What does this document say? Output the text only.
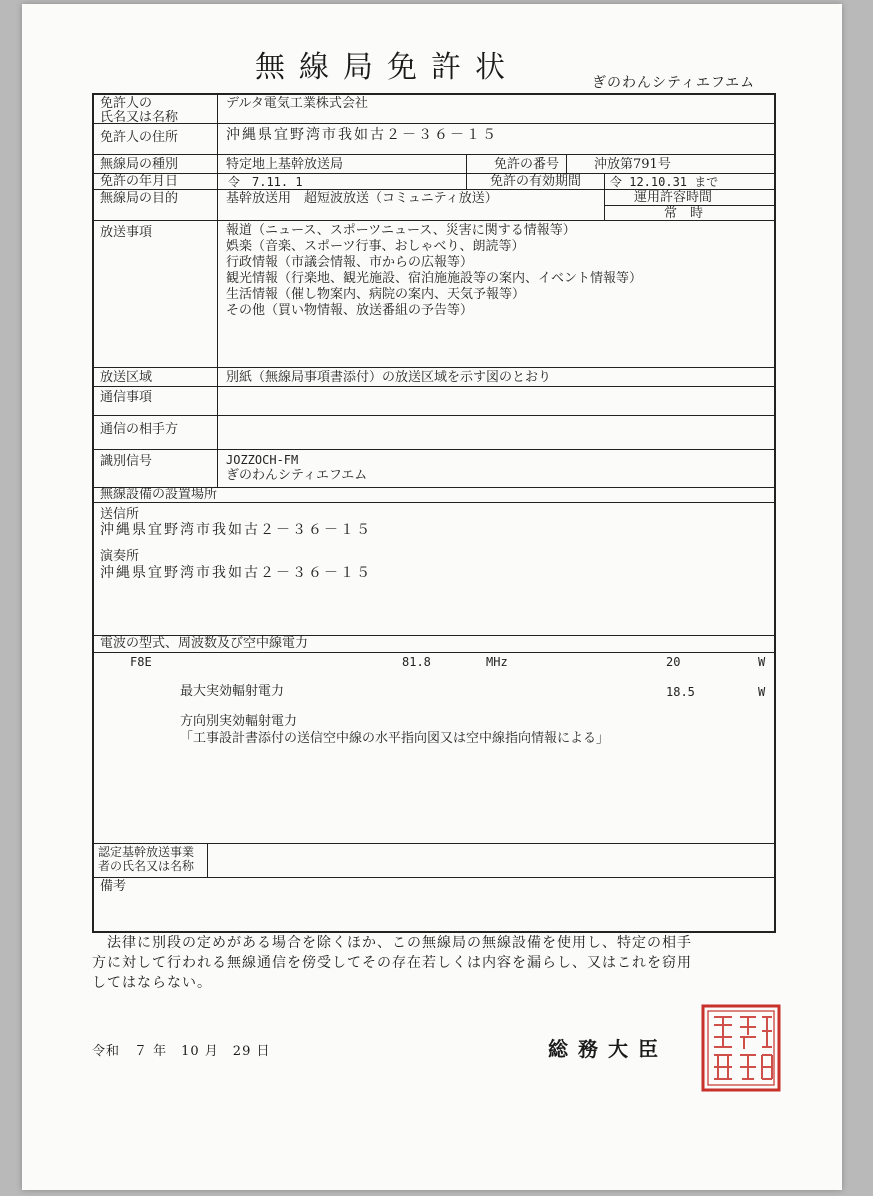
無線局免許状	ぎのわんシティエフエム
免許人の
氏名又は名称
デルタ電気工業株式会社
免許人の住所	沖縄県宜野湾市我如古２－３６－１５
無線局の種別	特定地上基幹放送局	免許の番号	沖放第791号
免許の年月日	令　7.11. 1	免許の有効期間 令 12.10.31 まで
無線局の目的	基幹放送用　超短波放送（コミュニティ放送）	運用許容時間
常　時
放送事項	報道（ニュース、スポーツニュース、災害に関する情報等）
娯楽（音楽、スポーツ行事、おしゃべり、朗読等）
行政情報（市議会情報、市からの広報等）
観光情報（行楽地、観光施設、宿泊施施設等の案内、イベント情報等）
生活情報（催し物案内、病院の案内、天気予報等）
その他（買い物情報、放送番組の予告等）
放送区域	別紙（無線局事項書添付）の放送区域を示す図のとおり
通信事項
通信の相手方
識別信号	JOZZOCH-FM
ぎのわんシティエフエム
無線設備の設置場所
送信所
沖縄県宜野湾市我如古２－３６－１５
演奏所
沖縄県宜野湾市我如古２－３６－１５
電波の型式、周波数及び空中線電力
F8E	81.8	MHz	20	W
最大実効輻射電力	18.5	W
方向別実効輻射電力
「工事設計書添付の送信空中線の水平指向図又は空中線指向情報による」
認定基幹放送事業
者の氏名又は名称
備考
　法律に別段の定めがある場合を除くほか、この無線局の無線設備を使用し、特定の相手
方に対して行われる無線通信を傍受してその存在若しくは内容を漏らし、又はこれを窃用
してはならない。
令和　７ 年　10 月　29 日	総務大臣
